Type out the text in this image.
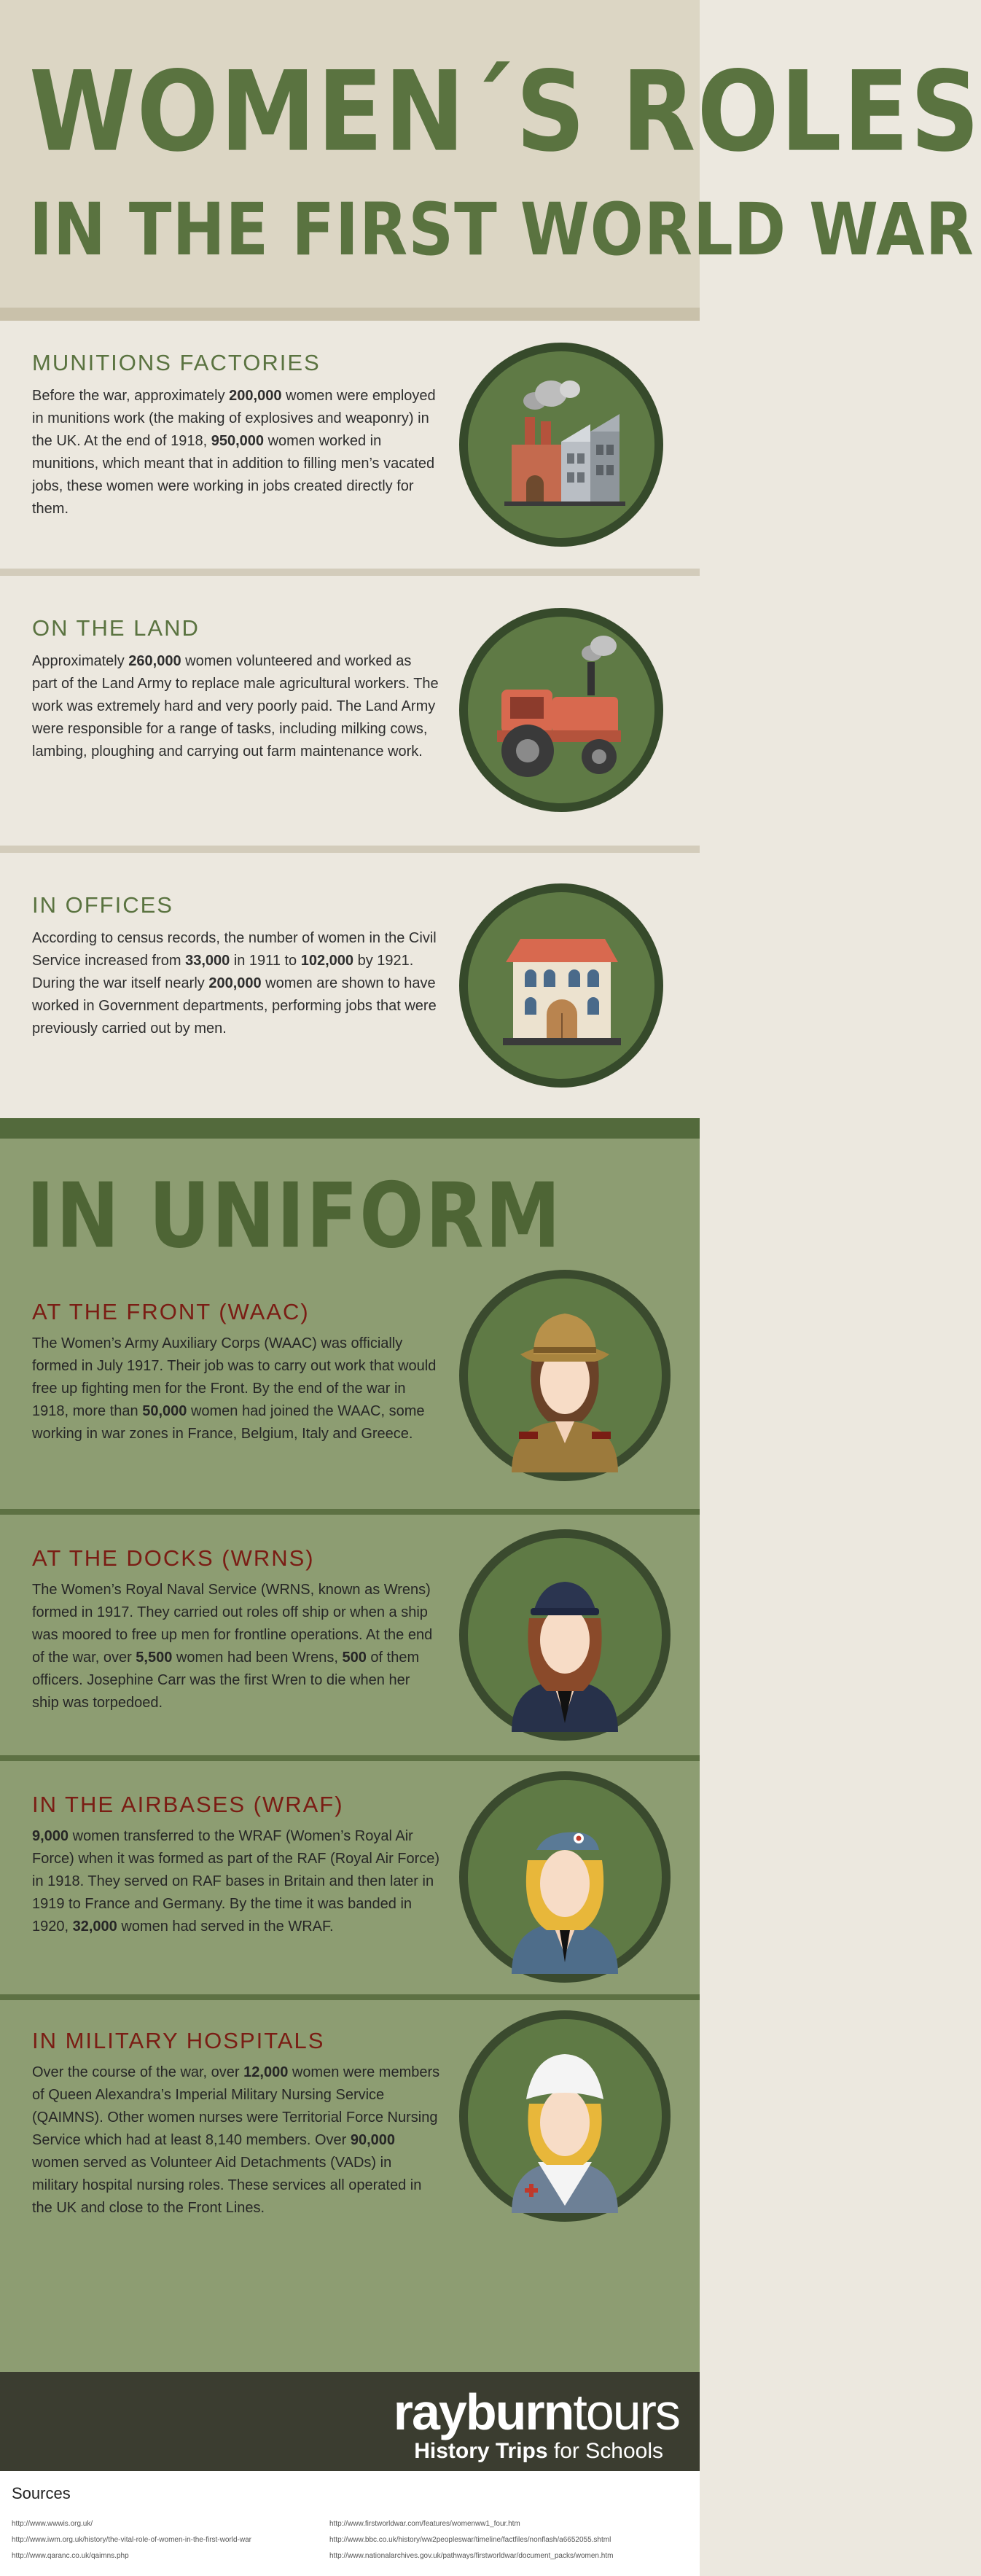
WOMEN´S ROLES
IN THE FIRST WORLD WAR
MUNITIONS FACTORIES
Before the war, approximately 200,000 women were employed in munitions work (the making of explosives and weaponry) in the UK. At the end of 1918, 950,000 women worked in munitions, which meant that in addition to filling men’s vacated jobs, these women were working in jobs created directly for them.
ON THE LAND
Approximately 260,000 women volunteered and worked as part of the Land Army to replace male agricultural workers. The work was extremely hard and very poorly paid. The Land Army were responsible for a range of tasks, including milking cows, lambing, ploughing and carrying out farm maintenance work.
IN OFFICES
According to census records, the number of women in the Civil Service increased from 33,000 in 1911 to 102,000 by 1921. During the war itself nearly 200,000 women are shown to have worked in Government departments, performing jobs that were previously carried out by men.
IN UNIFORM
AT THE FRONT (WAAC)
The Women’s Army Auxiliary Corps (WAAC) was officially formed in July 1917. Their job was to carry out work that would free up fighting men for the Front. By the end of the war in 1918, more than 50,000 women had joined the WAAC, some working in war zones in France, Belgium, Italy and Greece.
AT THE DOCKS (WRNS)
The Women’s Royal Naval Service (WRNS, known as Wrens) formed in 1917. They carried out roles off ship or when a ship was moored to free up men for frontline operations. At the end of the war, over 5,500 women had been Wrens, 500 of them officers. Josephine Carr was the first Wren to die when her ship was torpedoed.
IN THE AIRBASES (WRAF)
9,000 women transferred to the WRAF (Women’s Royal Air Force) when it was formed as part of the RAF (Royal Air Force) in 1918. They served on RAF bases in Britain and then later in 1919 to France and Germany. By the time it was banded in 1920, 32,000 women had served in the WRAF.
IN MILITARY HOSPITALS
Over the course of the war, over 12,000 women were members of Queen Alexandra’s Imperial Military Nursing Service (QAIMNS). Other women nurses were Territorial Force Nursing Service which had at least 8,140 members. Over 90,000 women served as Volunteer Aid Detachments (VADs) in military hospital nursing roles. These services all operated in the UK and close to the Front Lines.
rayburntours
History Trips for Schools
Sources
http://www.wwwis.org.uk/
http://www.iwm.org.uk/history/the-vital-role-of-women-in-the-first-world-war
http://www.qaranc.co.uk/qaimns.php
http://www.firstworldwar.com/features/womenww1_four.htm
http://www.bbc.co.uk/history/ww2peopleswar/timeline/factfiles/nonflash/a6652055.shtml
http://www.nationalarchives.gov.uk/pathways/firstworldwar/document_packs/women.htm
